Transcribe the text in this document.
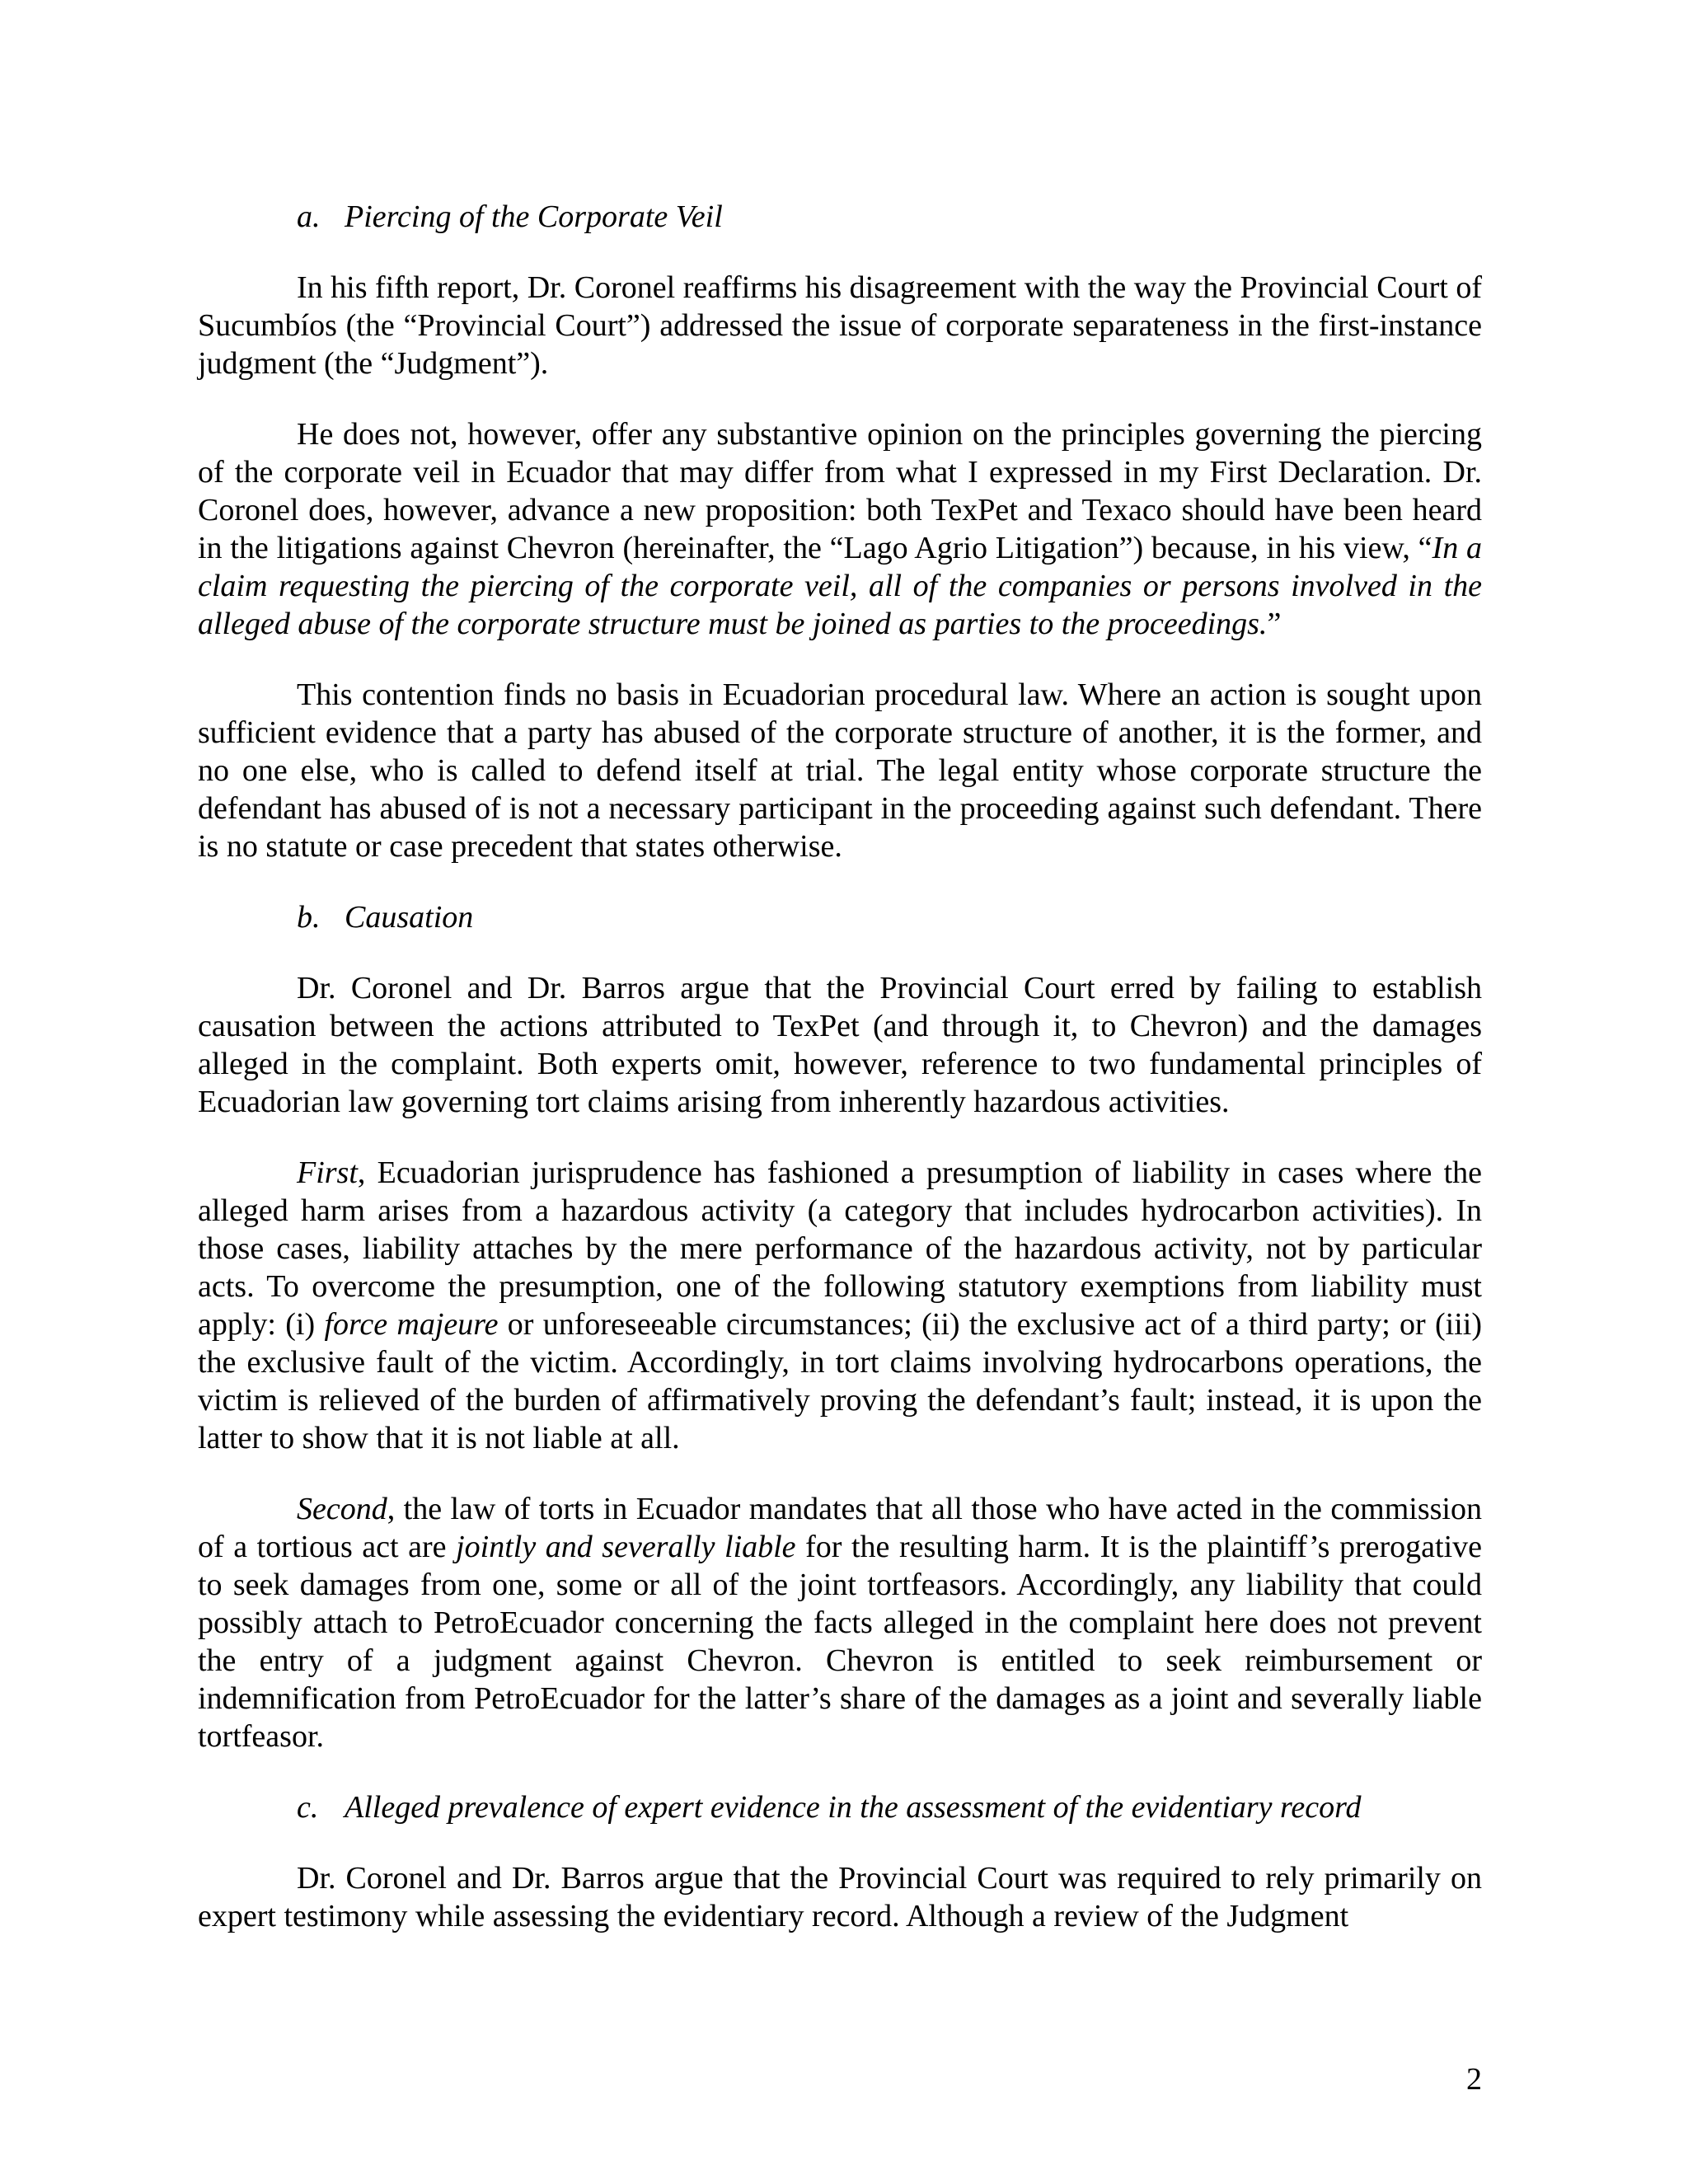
a. Piercing of the Corporate Veil

In his fifth report, Dr. Coronel reaffirms his disagreement with the way the Provincial Court of Sucumbíos (the “Provincial Court”) addressed the issue of corporate separateness in the first-instance judgment (the “Judgment”).

He does not, however, offer any substantive opinion on the principles governing the piercing of the corporate veil in Ecuador that may differ from what I expressed in my First Declaration. Dr. Coronel does, however, advance a new proposition: both TexPet and Texaco should have been heard in the litigations against Chevron (hereinafter, the “Lago Agrio Litigation”) because, in his view, “In a claim requesting the piercing of the corporate veil, all of the companies or persons involved in the alleged abuse of the corporate structure must be joined as parties to the proceedings.”

This contention finds no basis in Ecuadorian procedural law. Where an action is sought upon sufficient evidence that a party has abused of the corporate structure of another, it is the former, and no one else, who is called to defend itself at trial. The legal entity whose corporate structure the defendant has abused of is not a necessary participant in the proceeding against such defendant. There is no statute or case precedent that states otherwise.

b. Causation

Dr. Coronel and Dr. Barros argue that the Provincial Court erred by failing to establish causation between the actions attributed to TexPet (and through it, to Chevron) and the damages alleged in the complaint. Both experts omit, however, reference to two fundamental principles of Ecuadorian law governing tort claims arising from inherently hazardous activities.

First, Ecuadorian jurisprudence has fashioned a presumption of liability in cases where the alleged harm arises from a hazardous activity (a category that includes hydrocarbon activities). In those cases, liability attaches by the mere performance of the hazardous activity, not by particular acts. To overcome the presumption, one of the following statutory exemptions from liability must apply: (i) force majeure or unforeseeable circumstances; (ii) the exclusive act of a third party; or (iii) the exclusive fault of the victim. Accordingly, in tort claims involving hydrocarbons operations, the victim is relieved of the burden of affirmatively proving the defendant’s fault; instead, it is upon the latter to show that it is not liable at all.

Second, the law of torts in Ecuador mandates that all those who have acted in the commission of a tortious act are jointly and severally liable for the resulting harm. It is the plaintiff’s prerogative to seek damages from one, some or all of the joint tortfeasors. Accordingly, any liability that could possibly attach to PetroEcuador concerning the facts alleged in the complaint here does not prevent the entry of a judgment against Chevron. Chevron is entitled to seek reimbursement or indemnification from PetroEcuador for the latter’s share of the damages as a joint and severally liable tortfeasor.

c. Alleged prevalence of expert evidence in the assessment of the evidentiary record

Dr. Coronel and Dr. Barros argue that the Provincial Court was required to rely primarily on expert testimony while assessing the evidentiary record. Although a review of the Judgment

2
